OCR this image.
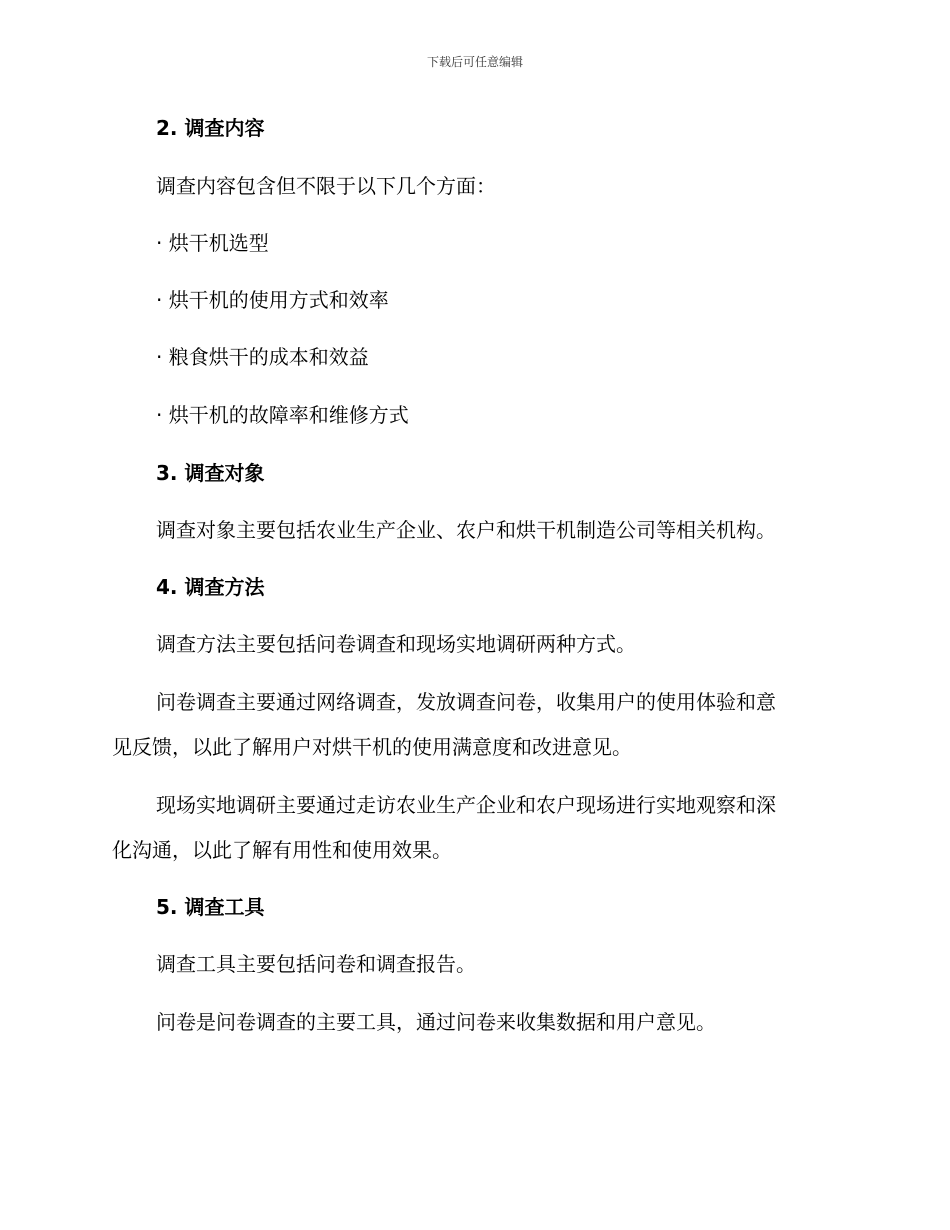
下载后可任意编辑
2. 调查内容
调查内容包含但不限于以下几个方面：
· 烘干机选型
· 烘干机的使用方式和效率
· 粮食烘干的成本和效益
· 烘干机的故障率和维修方式
3. 调查对象
调查对象主要包括农业生产企业、农户和烘干机制造公司等相关机构。
4. 调查方法
调查方法主要包括问卷调查和现场实地调研两种方式。
问卷调查主要通过网络调查，发放调查问卷，收集用户的使用体验和意
见反馈，以此了解用户对烘干机的使用满意度和改进意见。
现场实地调研主要通过走访农业生产企业和农户现场进行实地观察和深
化沟通，以此了解有用性和使用效果。
5. 调查工具
调查工具主要包括问卷和调查报告。
问卷是问卷调查的主要工具，通过问卷来收集数据和用户意见。
